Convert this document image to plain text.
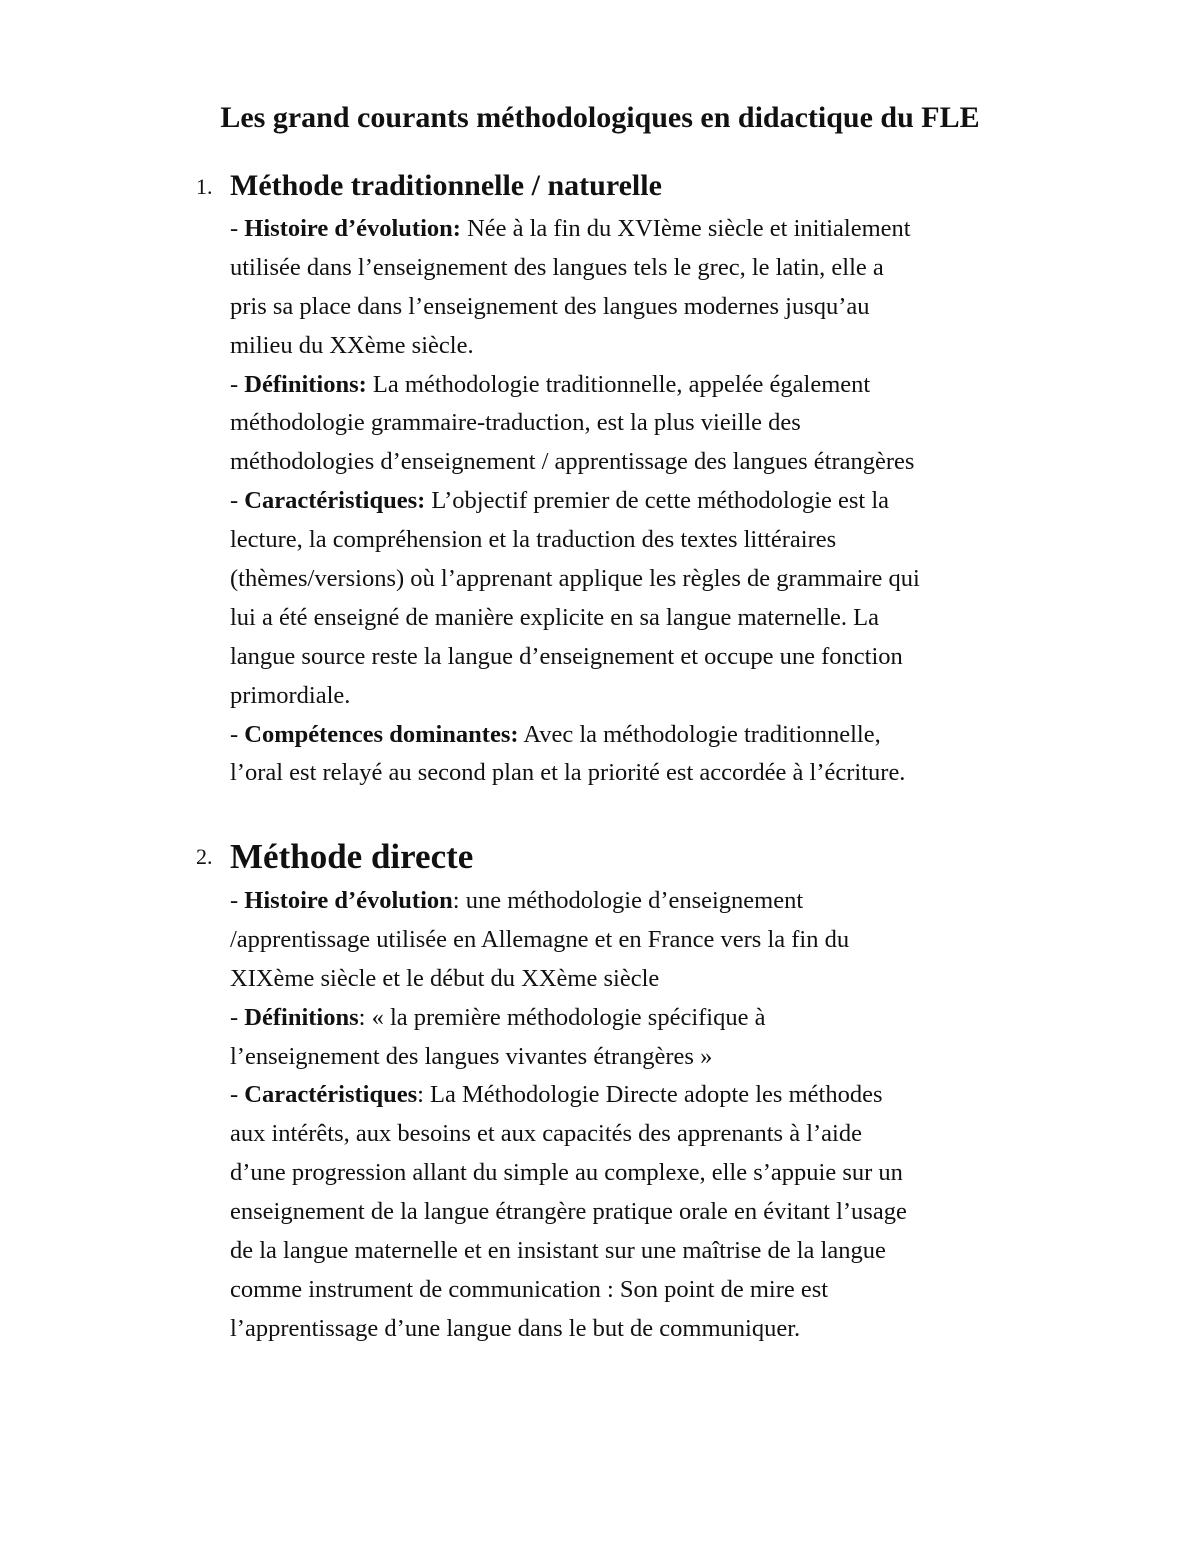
Les grand courants méthodologiques en didactique du FLE
1. Méthode traditionnelle / naturelle

- Histoire d’évolution: Née à la fin du XVIème siècle et initialement

utilisée dans l’enseignement des langues tels le grec, le latin, elle a

pris sa place dans l’enseignement des langues modernes jusqu’au

milieu du XXème siècle.

- Définitions: La méthodologie traditionnelle, appelée également

méthodologie grammaire-traduction, est la plus vieille des

méthodologies d’enseignement / apprentissage des langues étrangères

- Caractéristiques: L’objectif premier de cette méthodologie est la

lecture, la compréhension et la traduction des textes littéraires

(thèmes/versions) où l’apprenant applique les règles de grammaire qui

lui a été enseigné de manière explicite en sa langue maternelle. La

langue source reste la langue d’enseignement et occupe une fonction

primordiale.

- Compétences dominantes: Avec la méthodologie traditionnelle,

l’oral est relayé au second plan et la priorité est accordée à l’écriture.

2. Méthode directe

- Histoire d’évolution: une méthodologie d’enseignement

/apprentissage utilisée en Allemagne et en France vers la fin du

XIXème siècle et le début du XXème siècle

- Définitions: « la première méthodologie spécifique à

l’enseignement des langues vivantes étrangères »

- Caractéristiques: La Méthodologie Directe adopte les méthodes

aux intérêts, aux besoins et aux capacités des apprenants à l’aide

d’une progression allant du simple au complexe, elle s’appuie sur un

enseignement de la langue étrangère pratique orale en évitant l’usage

de la langue maternelle et en insistant sur une maîtrise de la langue

comme instrument de communication : Son point de mire est

l’apprentissage d’une langue dans le but de communiquer.
